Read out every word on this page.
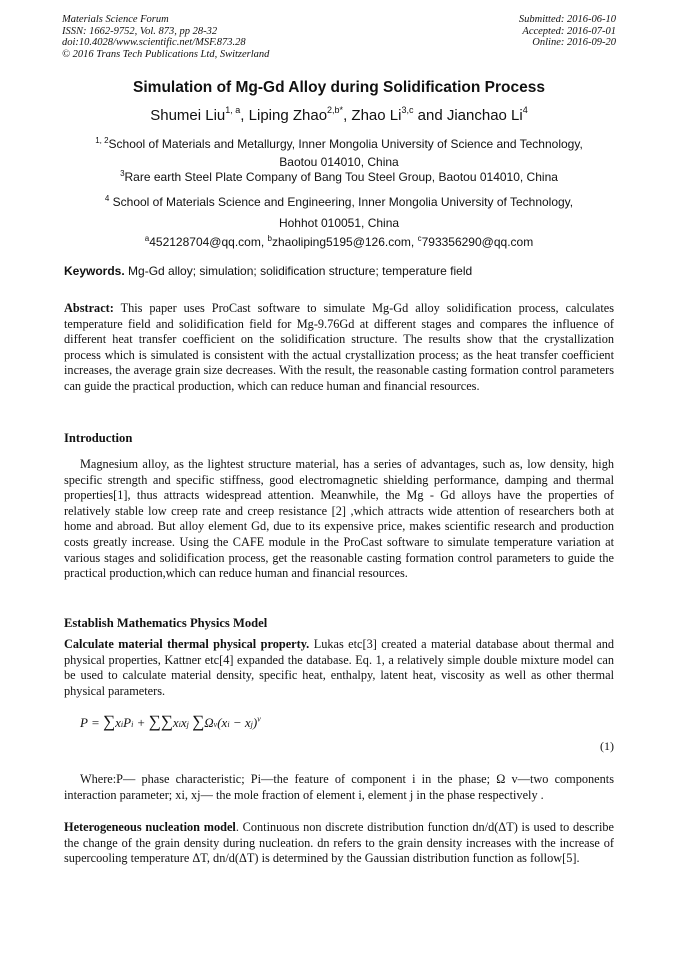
Materials Science Forum
ISSN: 1662-9752, Vol. 873, pp 28-32
doi:10.4028/www.scientific.net/MSF.873.28
© 2016 Trans Tech Publications Ltd, Switzerland
Submitted: 2016-06-10
Accepted: 2016-07-01
Online: 2016-09-20
Simulation of Mg-Gd Alloy during Solidification Process
Shumei Liu$^{1, a}$, Liping Zhao$^{2,b*}$, Zhao Li$^{3,c}$ and Jianchao Li$^4$
$^{1, 2}$School of Materials and Metallurgy, Inner Mongolia University of Science and Technology,
Baotou 014010, China
$^3$Rare earth Steel Plate Company of Bang Tou Steel Group, Baotou 014010, China
$^4$ School of Materials Science and Engineering, Inner Mongolia University of Technology,
Hohhot 010051, China
$^a$452128704@qq.com, $^b$zhaoliping5195@126.com, $^c$793356290@qq.com
Keywords. Mg-Gd alloy; simulation; solidification structure; temperature field
Abstract: This paper uses ProCast software to simulate Mg-Gd alloy solidification process, calculates temperature field and solidification field for Mg-9.76Gd at different stages and compares the influence of different heat transfer coefficient on the solidification structure. The results show that the crystallization process which is simulated is consistent with the actual crystallization process; as the heat transfer coefficient increases, the average grain size decreases. With the result, the reasonable casting formation control parameters can guide the practical production, which can reduce human and financial resources.
Introduction
Magnesium alloy, as the lightest structure material, has a series of advantages, such as, low density, high specific strength and specific stiffness, good electromagnetic shielding performance, damping and thermal properties[1], thus attracts widespread attention. Meanwhile, the Mg - Gd alloys have the properties of relatively stable low creep rate and creep resistance [2] ,which attracts wide attention of researchers both at home and abroad. But alloy element Gd, due to its expensive price, makes scientific research and production costs greatly increase. Using the CAFE module in the ProCast software to simulate temperature variation at various stages and solidification process, get the reasonable casting formation control parameters to guide the practical production,which can reduce human and financial resources.
Establish Mathematics Physics Model
Calculate material thermal physical property. Lukas etc[3] created a material database about thermal and physical properties, Kattner etc[4] expanded the database. Eq. 1, a relatively simple double mixture model can be used to calculate material density, specific heat, enthalpy, latent heat, viscosity as well as other thermal physical parameters.
P = ∑xiPi + ∑∑xixj ∑Ωv(xi − xj)$^v$
(1)
Where:P— phase characteristic; Pi—the feature of component i in the phase; Ω v—two components interaction parameter; xi, xj— the mole fraction of element i, element j in the phase respectively .
Heterogeneous nucleation model. Continuous non discrete distribution function dn/d(ΔT) is used to describe the change of the grain density during nucleation. dn refers to the grain density increases with the increase of supercooling temperature ΔT, dn/d(ΔT) is determined by the Gaussian distribution function as follow[5].
